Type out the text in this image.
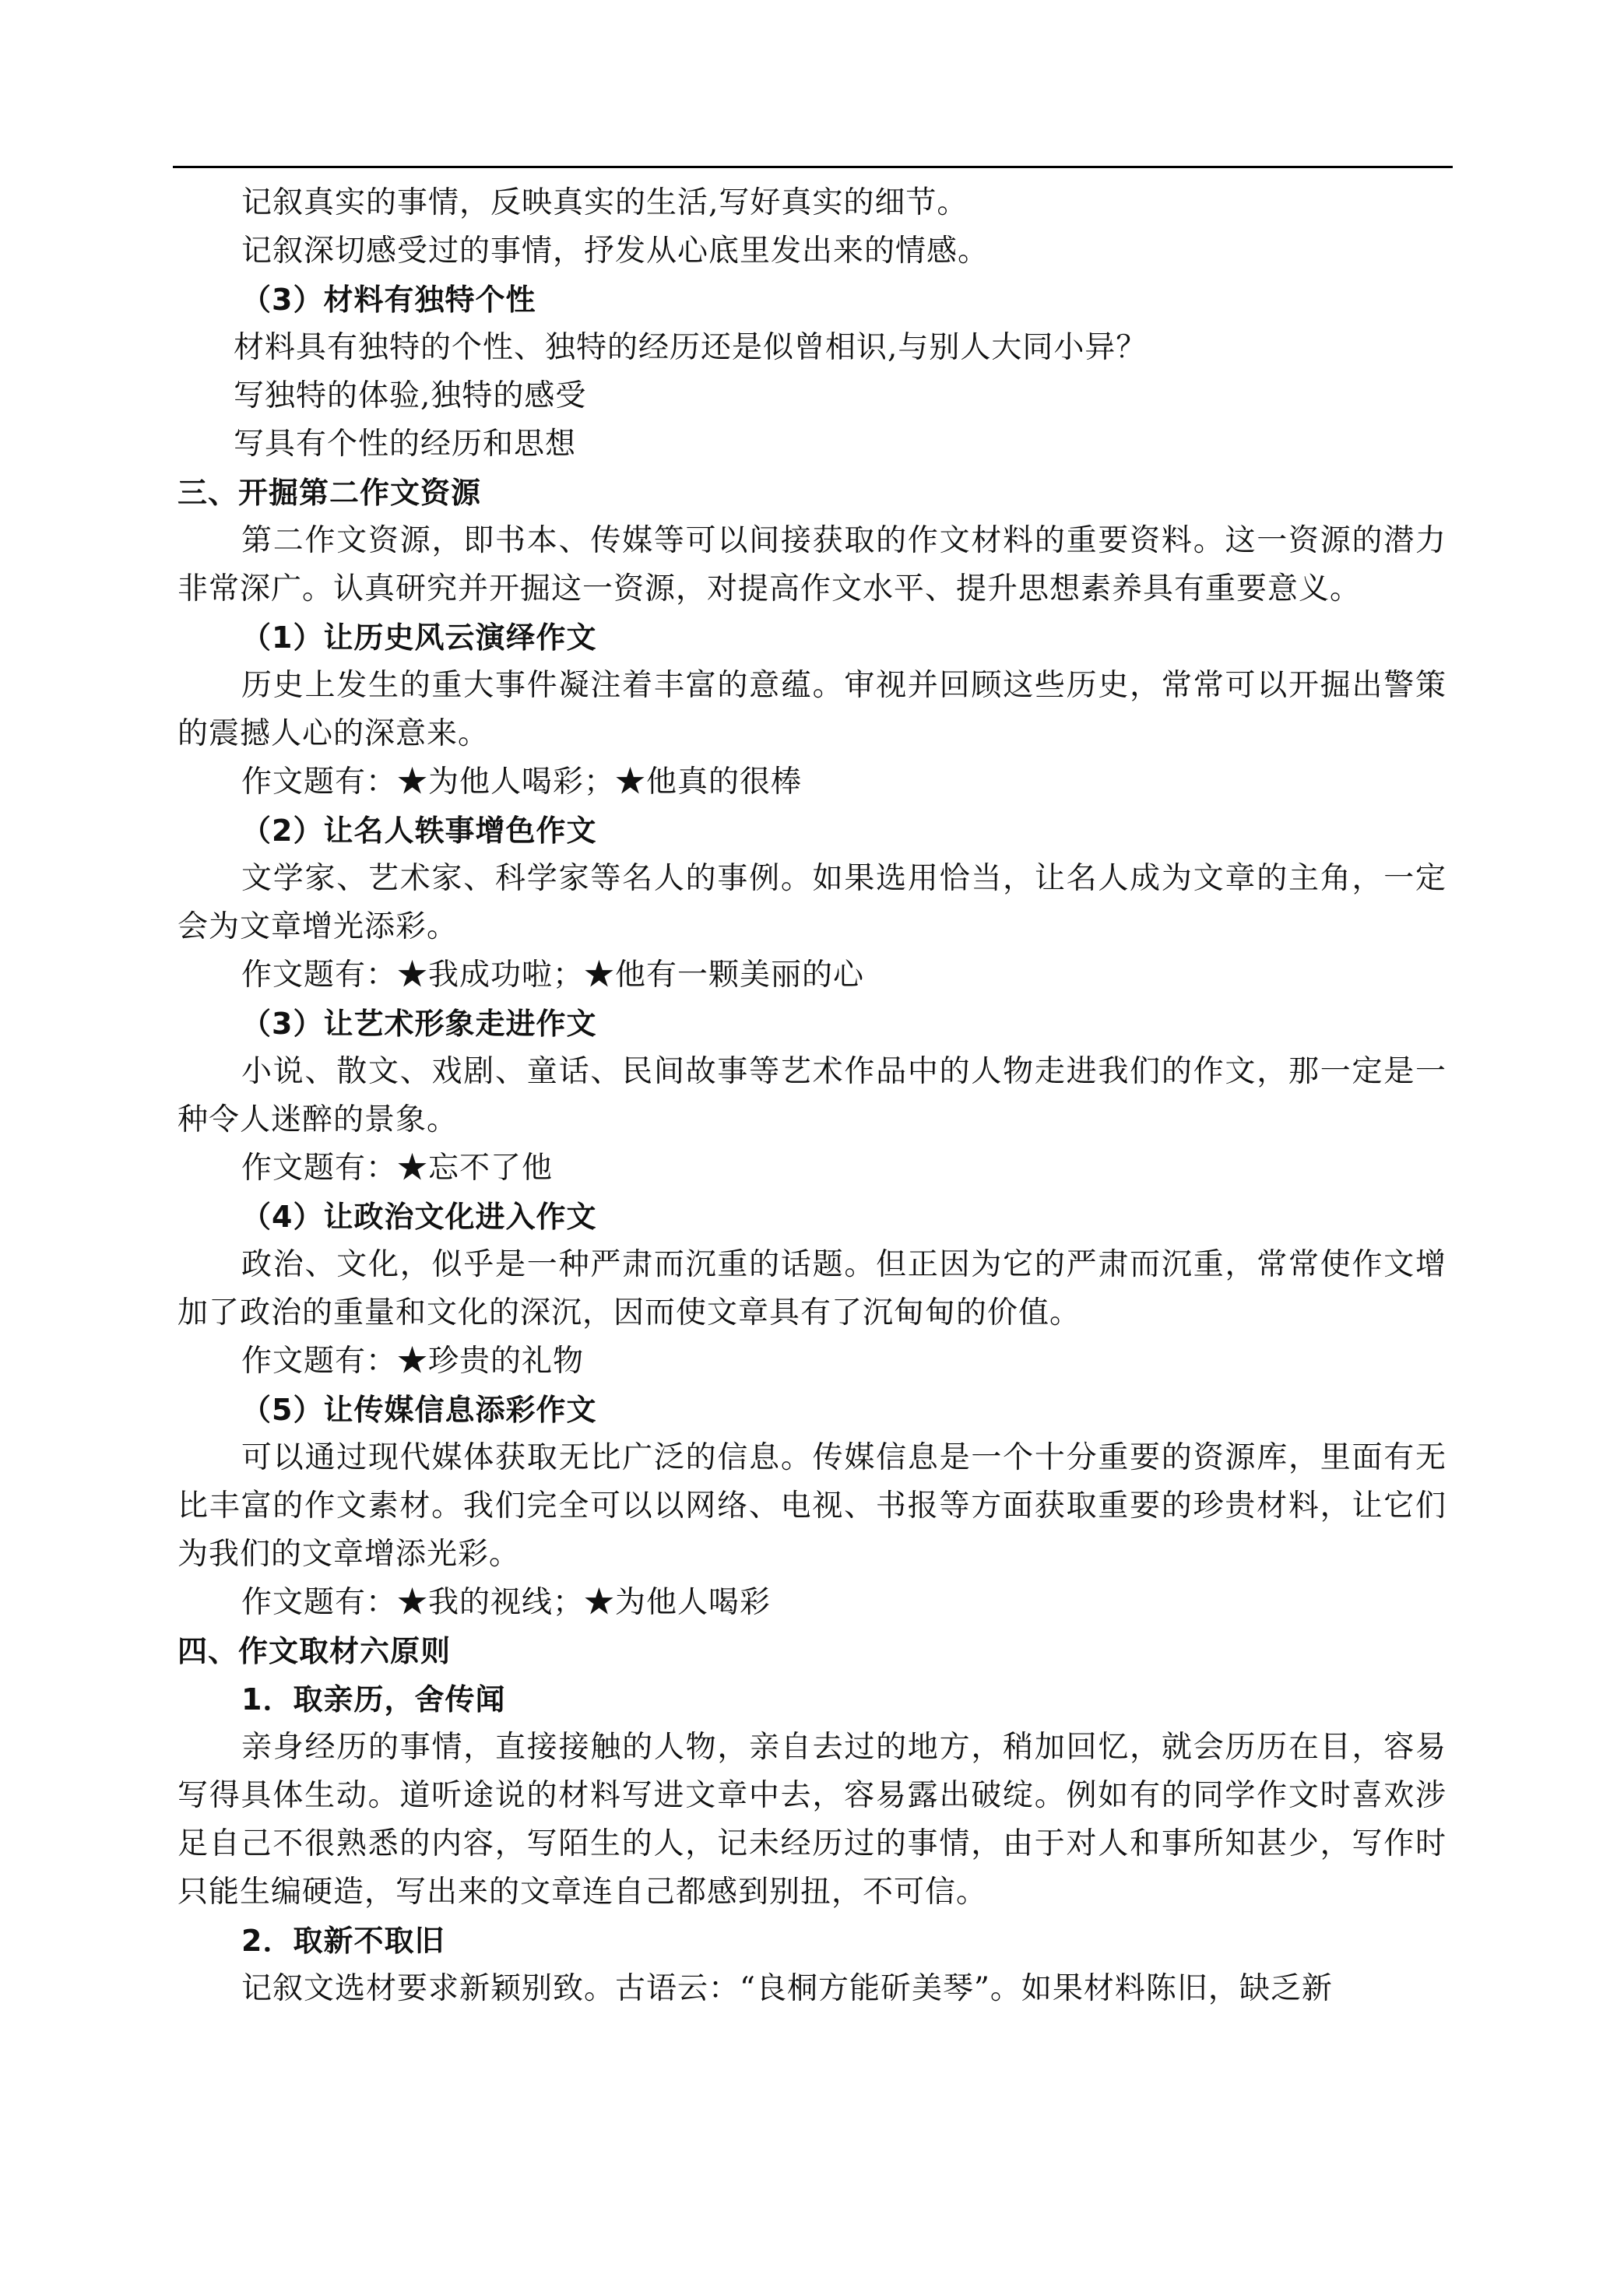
记叙真实的事情，反映真实的生活,写好真实的细节。
记叙深切感受过的事情，抒发从心底里发出来的情感。
（3）材料有独特个性
材料具有独特的个性、独特的经历还是似曾相识,与别人大同小异？
写独特的体验,独特的感受
写具有个性的经历和思想
三、开掘第二作文资源

第二作文资源，即书本、传媒等可以间接获取的作文材料的重要资料。这一资源的潜力非常深广。认真研究并开掘这一资源，对提高作文水平、提升思想素养具有重要意义。

（1）让历史风云演绎作文

历史上发生的重大事件凝注着丰富的意蕴。审视并回顾这些历史，常常可以开掘出警策的震撼人心的深意来。

作文题有：★为他人喝彩；★他真的很棒
（2）让名人轶事增色作文

文学家、艺术家、科学家等名人的事例。如果选用恰当，让名人成为文章的主角，一定会为文章增光添彩。

作文题有：★我成功啦；★他有一颗美丽的心
（3）让艺术形象走进作文

小说、散文、戏剧、童话、民间故事等艺术作品中的人物走进我们的作文，那一定是一种令人迷醉的景象。

作文题有：★忘不了他
（4）让政治文化进入作文

政治、文化，似乎是一种严肃而沉重的话题。但正因为它的严肃而沉重，常常使作文增加了政治的重量和文化的深沉，因而使文章具有了沉甸甸的价值。

作文题有：★珍贵的礼物
（5）让传媒信息添彩作文

可以通过现代媒体获取无比广泛的信息。传媒信息是一个十分重要的资源库，里面有无比丰富的作文素材。我们完全可以以网络、电视、书报等方面获取重要的珍贵材料，让它们为我们的文章增添光彩。

作文题有：★我的视线；★为他人喝彩
四、作文取材六原则
1．取亲历，舍传闻

亲身经历的事情，直接接触的人物，亲自去过的地方，稍加回忆，就会历历在目，容易写得具体生动。道听途说的材料写进文章中去，容易露出破绽。例如有的同学作文时喜欢涉足自己不很熟悉的内容，写陌生的人，记未经历过的事情，由于对人和事所知甚少，写作时只能生编硬造，写出来的文章连自己都感到别扭，不可信。

2．取新不取旧

记叙文选材要求新颖别致。古语云：“良桐方能斫美琴”。如果材料陈旧，缺乏新
